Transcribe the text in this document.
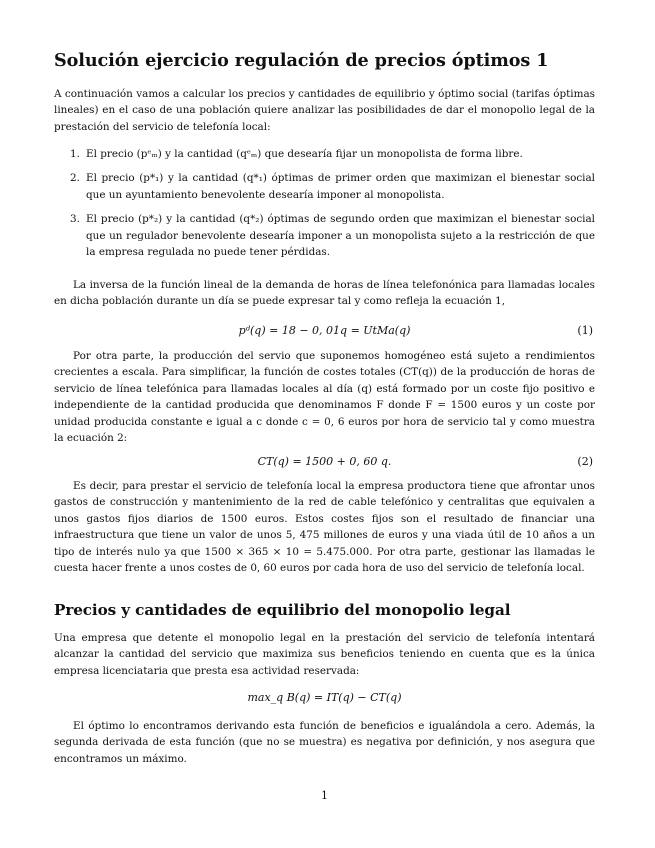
Solución ejercicio regulación de precios óptimos 1

A continuación vamos a calcular los precios y cantidades de equilibrio y óptimo social (tarifas óptimas lineales) en el caso de una población quiere analizar las posibilidades de dar el monopolio legal de la prestación del servicio de telefonía local:

1. El precio (pᵉₘ) y la cantidad (qᵉₘ) que desearía fijar un monopolista de forma libre.
2. El precio (p*₁) y la cantidad (q*₁) óptimas de primer orden que maximizan el bienestar social que un ayuntamiento benevolente desearía imponer al monopolista.
3. El precio (p*₂) y la cantidad (q*₂) óptimas de segundo orden que maximizan el bienestar social que un regulador benevolente desearía imponer a un monopolista sujeto a la restricción de que la empresa regulada no puede tener pérdidas.

La inversa de la función lineal de la demanda de horas de línea telefonónica para llamadas locales en dicha población durante un día se puede expresar tal y como refleja la ecuación 1,

pᵈ(q) = 18 − 0, 01q = UtMa(q)	(1)

Por otra parte, la producción del servio que suponemos homogéneo está sujeto a rendimientos crecientes a escala. Para simplificar, la función de costes totales (CT(q)) de la producción de horas de servicio de línea telefónica para llamadas locales al día (q) está formado por un coste fijo positivo e independiente de la cantidad producida que denominamos F donde F = 1500 euros y un coste por unidad producida constante e igual a c donde c = 0, 6 euros por hora de servicio tal y como muestra la ecuación 2:

CT(q) = 1500 + 0, 60 q.	(2)

Es decir, para prestar el servicio de telefonía local la empresa productora tiene que afrontar unos gastos de construcción y mantenimiento de la red de cable telefónico y centralitas que equivalen a unos gastos fijos diarios de 1500 euros. Estos costes fijos son el resultado de financiar una infraestructura que tiene un valor de unos 5, 475 millones de euros y una viada útil de 10 años a un tipo de interés nulo ya que 1500 × 365 × 10 = 5.475.000. Por otra parte, gestionar las llamadas le cuesta hacer frente a unos costes de 0, 60 euros por cada hora de uso del servicio de telefonía local.

Precios y cantidades de equilibrio del monopolio legal

Una empresa que detente el monopolio legal en la prestación del servicio de telefonía intentará alcanzar la cantidad del servicio que maximiza sus beneficios teniendo en cuenta que es la única empresa licenciataria que presta esa actividad reservada:

max_q B(q) = IT(q) − CT(q)

El óptimo lo encontramos derivando esta función de beneficios e igualándola a cero. Además, la segunda derivada de esta función (que no se muestra) es negativa por definición, y nos asegura que encontramos un máximo.

1
